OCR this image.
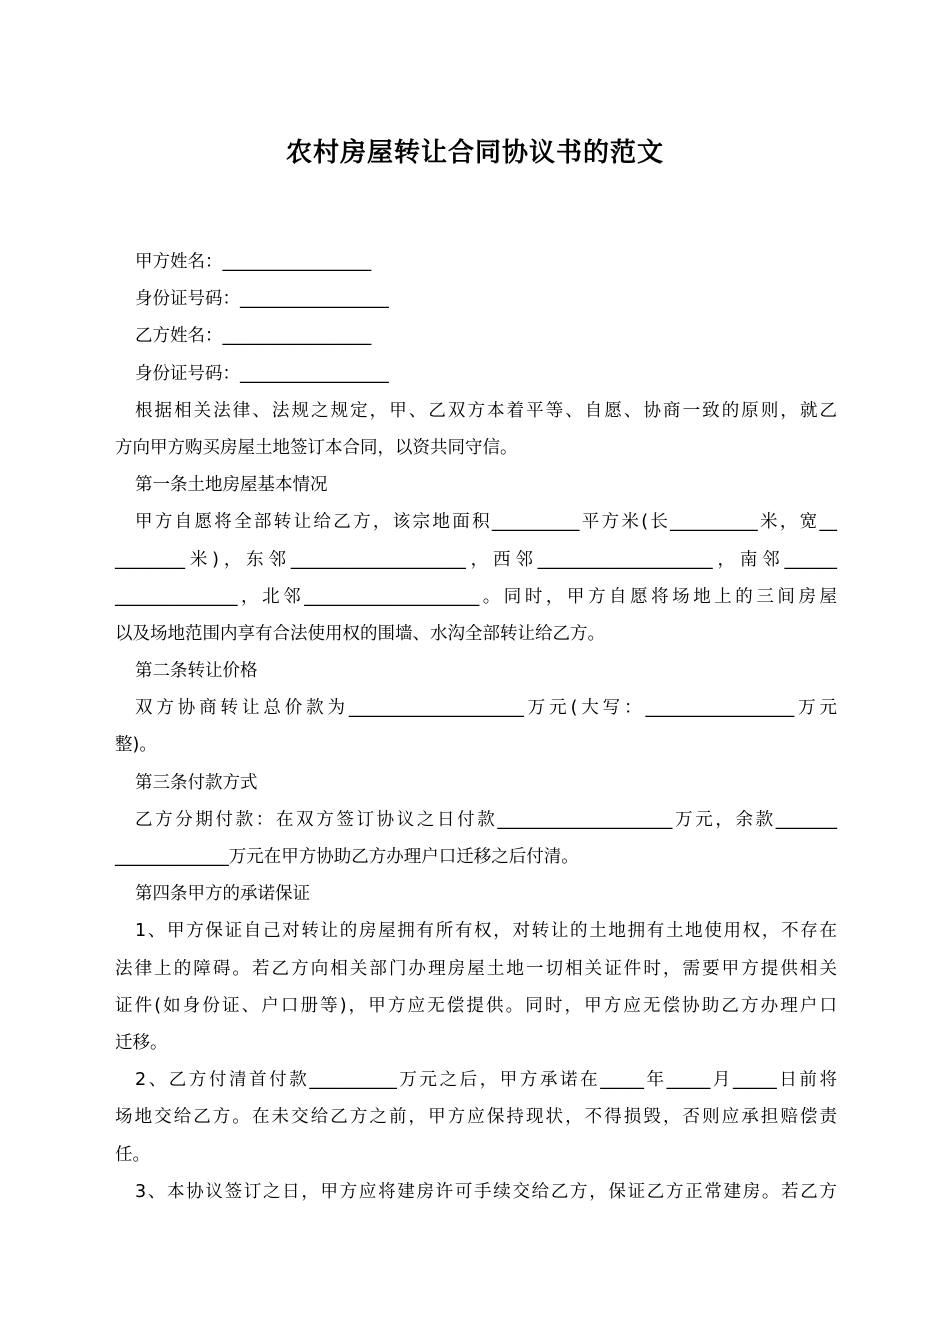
农村房屋转让合同协议书的范文
甲方姓名：_________________
身份证号码：_________________
乙方姓名：_________________
身份证号码：_________________
根据相关法律、法规之规定，甲、乙双方本着平等、自愿、协商一致的原则，就乙
方向甲方购买房屋土地签订本合同，以资共同守信。
第一条土地房屋基本情况
甲方自愿将全部转让给乙方，该宗地面积__________平方米(长__________米，宽__
________米)，东邻____________________，西邻____________________，南邻______
______________，北邻____________________。同时，甲方自愿将场地上的三间房屋
以及场地范围内享有合法使用权的围墙、水沟全部转让给乙方。
第二条转让价格
双方协商转让总价款为____________________万元(大写：_________________万元
整)。
第三条付款方式
乙方分期付款：在双方签订协议之日付款____________________万元，余款_______
_____________万元在甲方协助乙方办理户口迁移之后付清。
第四条甲方的承诺保证
1、甲方保证自己对转让的房屋拥有所有权，对转让的土地拥有土地使用权，不存在
法律上的障碍。若乙方向相关部门办理房屋土地一切相关证件时，需要甲方提供相关
证件(如身份证、户口册等)，甲方应无偿提供。同时，甲方应无偿协助乙方办理户口
迁移。
2、乙方付清首付款__________万元之后，甲方承诺在_____年_____月_____日前将
场地交给乙方。在未交给乙方之前，甲方应保持现状，不得损毁，否则应承担赔偿责
任。
3、本协议签订之日，甲方应将建房许可手续交给乙方，保证乙方正常建房。若乙方
